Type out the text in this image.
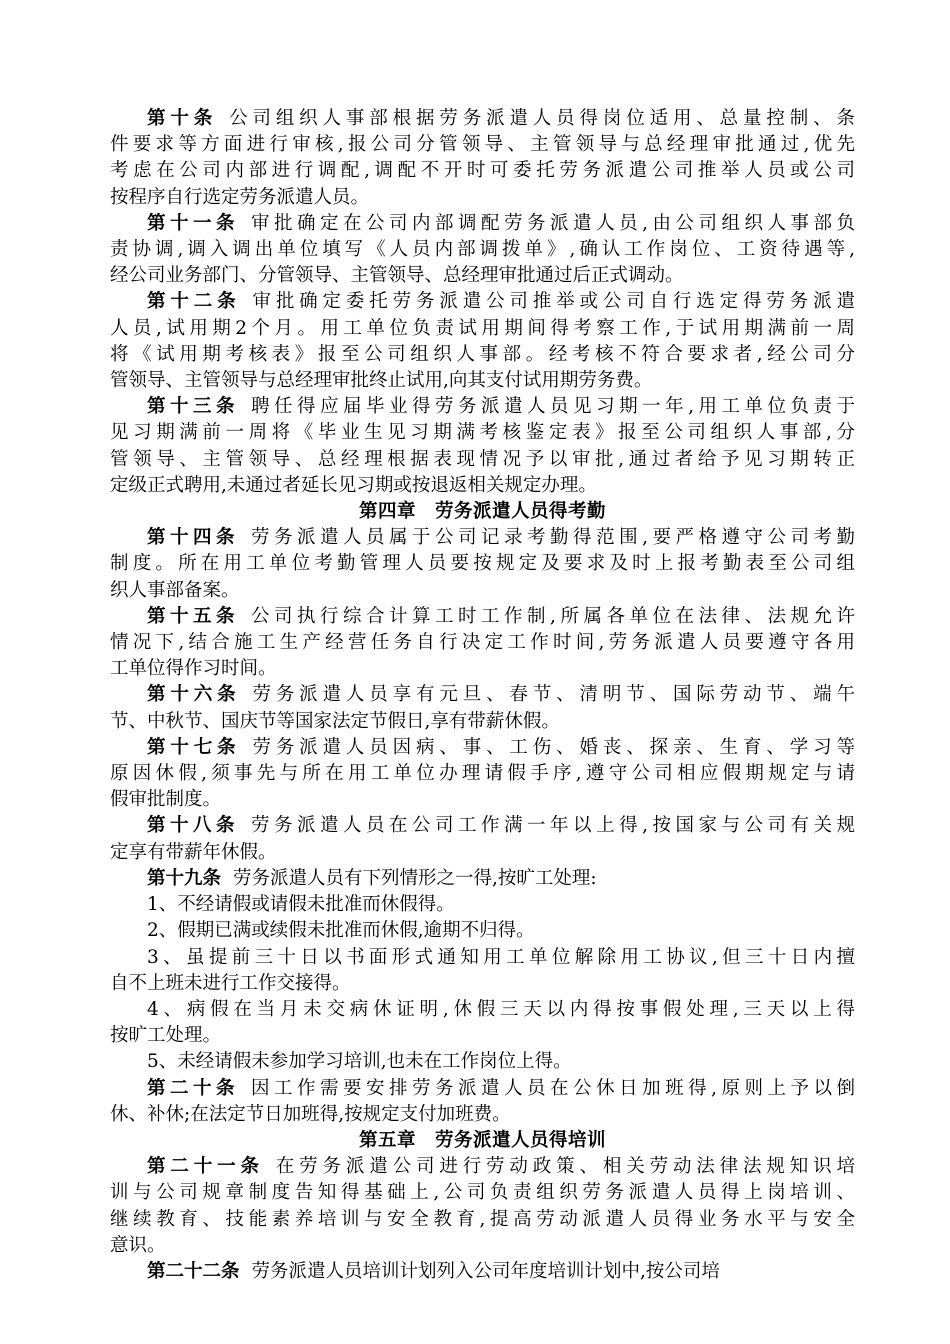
第十条 公司组织人事部根据劳务派遣人员得岗位适用、总量控制、条
件要求等方面进行审核,报公司分管领导、主管领导与总经理审批通过,优先
考虑在公司内部进行调配,调配不开时可委托劳务派遣公司推举人员或公司
按程序自行选定劳务派遣人员。
第十一条 审批确定在公司内部调配劳务派遣人员,由公司组织人事部负
责协调,调入调出单位填写《人员内部调拨单》,确认工作岗位、工资待遇等,
经公司业务部门、分管领导、主管领导、总经理审批通过后正式调动。
第十二条 审批确定委托劳务派遣公司推举或公司自行选定得劳务派遣
人员,试用期2个月。用工单位负责试用期间得考察工作,于试用期满前一周
将《试用期考核表》报至公司组织人事部。经考核不符合要求者,经公司分
管领导、主管领导与总经理审批终止试用,向其支付试用期劳务费。
第十三条 聘任得应届毕业得劳务派遣人员见习期一年,用工单位负责于
见习期满前一周将《毕业生见习期满考核鉴定表》报至公司组织人事部,分
管领导、主管领导、总经理根据表现情况予以审批,通过者给予见习期转正
定级正式聘用,未通过者延长见习期或按退返相关规定办理。
第四章　劳务派遣人员得考勤
第十四条 劳务派遣人员属于公司记录考勤得范围,要严格遵守公司考勤
制度。所在用工单位考勤管理人员要按规定及要求及时上报考勤表至公司组
织人事部备案。
第十五条 公司执行综合计算工时工作制,所属各单位在法律、法规允许
情况下,结合施工生产经营任务自行决定工作时间,劳务派遣人员要遵守各用
工单位得作习时间。
第十六条 劳务派遣人员享有元旦、春节、清明节、国际劳动节、端午
节、中秋节、国庆节等国家法定节假日,享有带薪休假。
第十七条 劳务派遣人员因病、事、工伤、婚丧、探亲、生育、学习等
原因休假,须事先与所在用工单位办理请假手序,遵守公司相应假期规定与请
假审批制度。
第十八条 劳务派遣人员在公司工作满一年以上得,按国家与公司有关规
定享有带薪年休假。
第十九条 劳务派遣人员有下列情形之一得,按旷工处理:
1、不经请假或请假未批准而休假得。
2、假期已满或续假未批准而休假,逾期不归得。
3、虽提前三十日以书面形式通知用工单位解除用工协议,但三十日内擅
自不上班未进行工作交接得。
4、病假在当月未交病休证明,休假三天以内得按事假处理,三天以上得
按旷工处理。
5、未经请假未参加学习培训,也未在工作岗位上得。
第二十条 因工作需要安排劳务派遣人员在公休日加班得,原则上予以倒
休、补休;在法定节日加班得,按规定支付加班费。
第五章　劳务派遣人员得培训
第二十一条 在劳务派遣公司进行劳动政策、相关劳动法律法规知识培
训与公司规章制度告知得基础上,公司负责组织劳务派遣人员得上岗培训、
继续教育、技能素养培训与安全教育,提高劳动派遣人员得业务水平与安全
意识。
第二十二条 劳务派遣人员培训计划列入公司年度培训计划中,按公司培
